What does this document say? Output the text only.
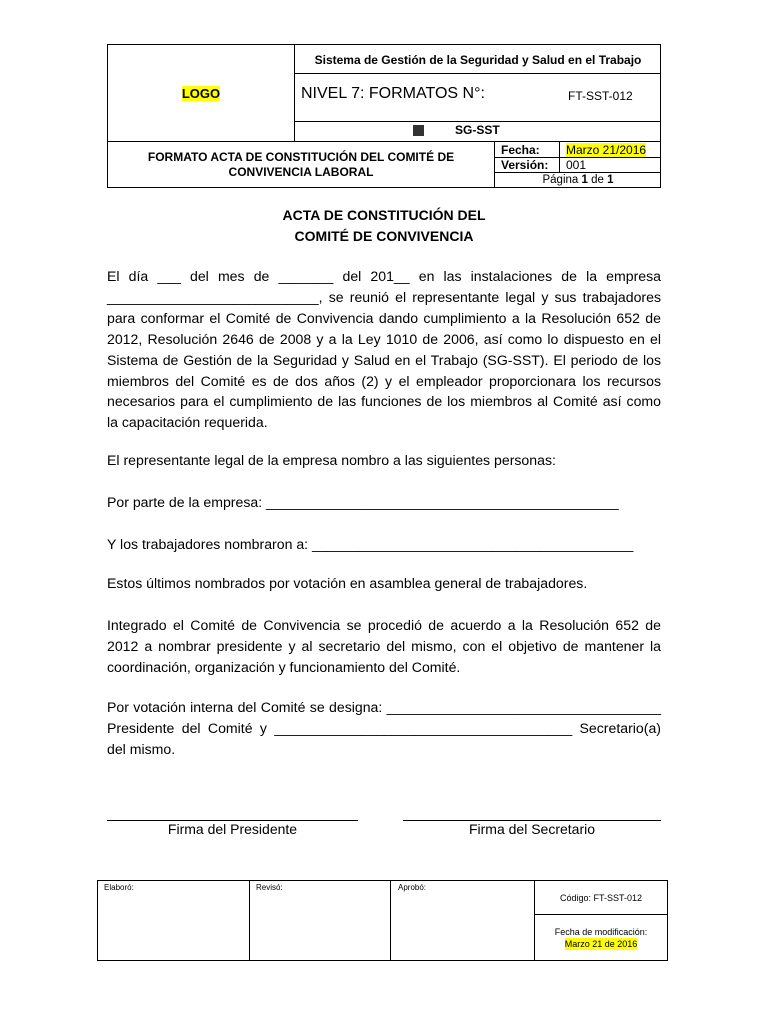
LOGO
Sistema de Gestión de la Seguridad y Salud en el Trabajo
NIVEL 7: FORMATOS N°:	FT-SST-012
SG-SST
FORMATO ACTA DE CONSTITUCIÓN DEL COMITÉ DE CONVIVENCIA LABORAL
Fecha: Marzo 21/2016
Versión: 001
Página 1 de 1
ACTA DE CONSTITUCIÓN DEL
COMITÉ DE CONVIVENCIA
El día ___ del mes de _______ del 201__ en las instalaciones de la empresa ___________________________, se reunió el representante legal y sus trabajadores para conformar el Comité de Convivencia dando cumplimiento a la Resolución 652 de 2012, Resolución 2646 de 2008 y a la Ley 1010 de 2006, así como lo dispuesto en el Sistema de Gestión de la Seguridad y Salud en el Trabajo (SG-SST). El periodo de los miembros del Comité es de dos años (2) y el empleador proporcionara los recursos necesarios para el cumplimiento de las funciones de los miembros al Comité así como la capacitación requerida.
El representante legal de la empresa nombro a las siguientes personas:
Por parte de la empresa: _____________________________________________
Y los trabajadores nombraron a: _________________________________________
Estos últimos nombrados por votación en asamblea general de trabajadores.
Integrado el Comité de Convivencia se procedió de acuerdo a la Resolución 652 de 2012 a nombrar presidente y al secretario del mismo, con el objetivo de mantener la coordinación, organización y funcionamiento del Comité.
Por votación interna del Comité se designa: ___________________________________ Presidente del Comité y ______________________________________ Secretario(a) del mismo.
Firma del Presidente	Firma del Secretario
Elaboró:	Revisó:	Aprobó:
Código: FT-SST-012
Fecha de modificación:
Marzo 21 de 2016
